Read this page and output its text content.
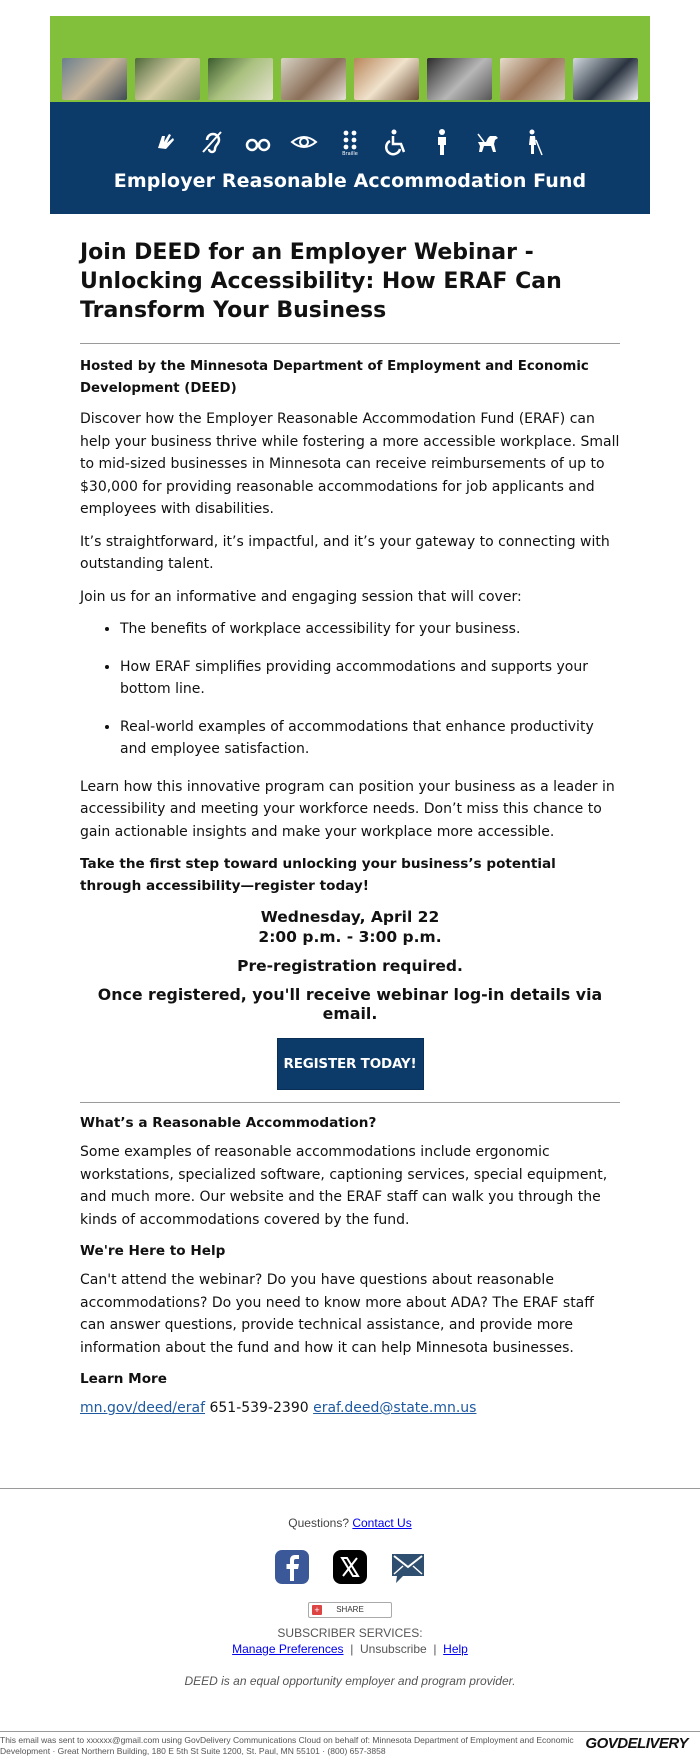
Braille
Employer Reasonable Accommodation Fund
Join DEED for an Employer Webinar - Unlocking Accessibility: How ERAF Can Transform Your Business
Hosted by the Minnesota Department of Employment and Economic Development (DEED)

Discover how the Employer Reasonable Accommodation Fund (ERAF) can help your business thrive while fostering a more accessible workplace. Small to mid-sized businesses in Minnesota can receive reimbursements of up to $30,000 for providing reasonable accommodations for job applicants and employees with disabilities.

It’s straightforward, it’s impactful, and it’s your gateway to connecting with outstanding talent.

Join us for an informative and engaging session that will cover:

• The benefits of workplace accessibility for your business.
• How ERAF simplifies providing accommodations and supports your bottom line.
• Real-world examples of accommodations that enhance productivity and employee satisfaction.

Learn how this innovative program can position your business as a leader in accessibility and meeting your workforce needs. Don’t miss this chance to gain actionable insights and make your workplace more accessible.

Take the first step toward unlocking your business’s potential
through accessibility—register today!
Wednesday, April 22
2:00 p.m. - 3:00 p.m.
Pre-registration required.
Once registered, you'll receive webinar log-in details via email.
REGISTER TODAY!
What’s a Reasonable Accommodation?

Some examples of reasonable accommodations include ergonomic workstations, specialized software, captioning services, special equipment, and much more. Our website and the ERAF staff can walk you through the kinds of accommodations covered by the fund.

We're Here to Help

Can't attend the webinar? Do you have questions about reasonable accommodations? Do you need to know more about ADA? The ERAF staff can answer questions, provide technical assistance, and provide more information about the fund and how it can help Minnesota businesses.

Learn More

mn.gov/deed/eraf 651-539-2390 eraf.deed@state.mn.us

Questions? Contact Us
+ SHARE
SUBSCRIBER SERVICES:
Manage Preferences | Unsubscribe | Help
DEED is an equal opportunity employer and program provider.
This email was sent to xxxxxx@gmail.com using GovDelivery Communications Cloud on behalf of: Minnesota Department of Employment and Economic Development · Great Northern Building, 180 E 5th St Suite 1200, St. Paul, MN 55101 · (800) 657-3858	GOVDELIVERY
